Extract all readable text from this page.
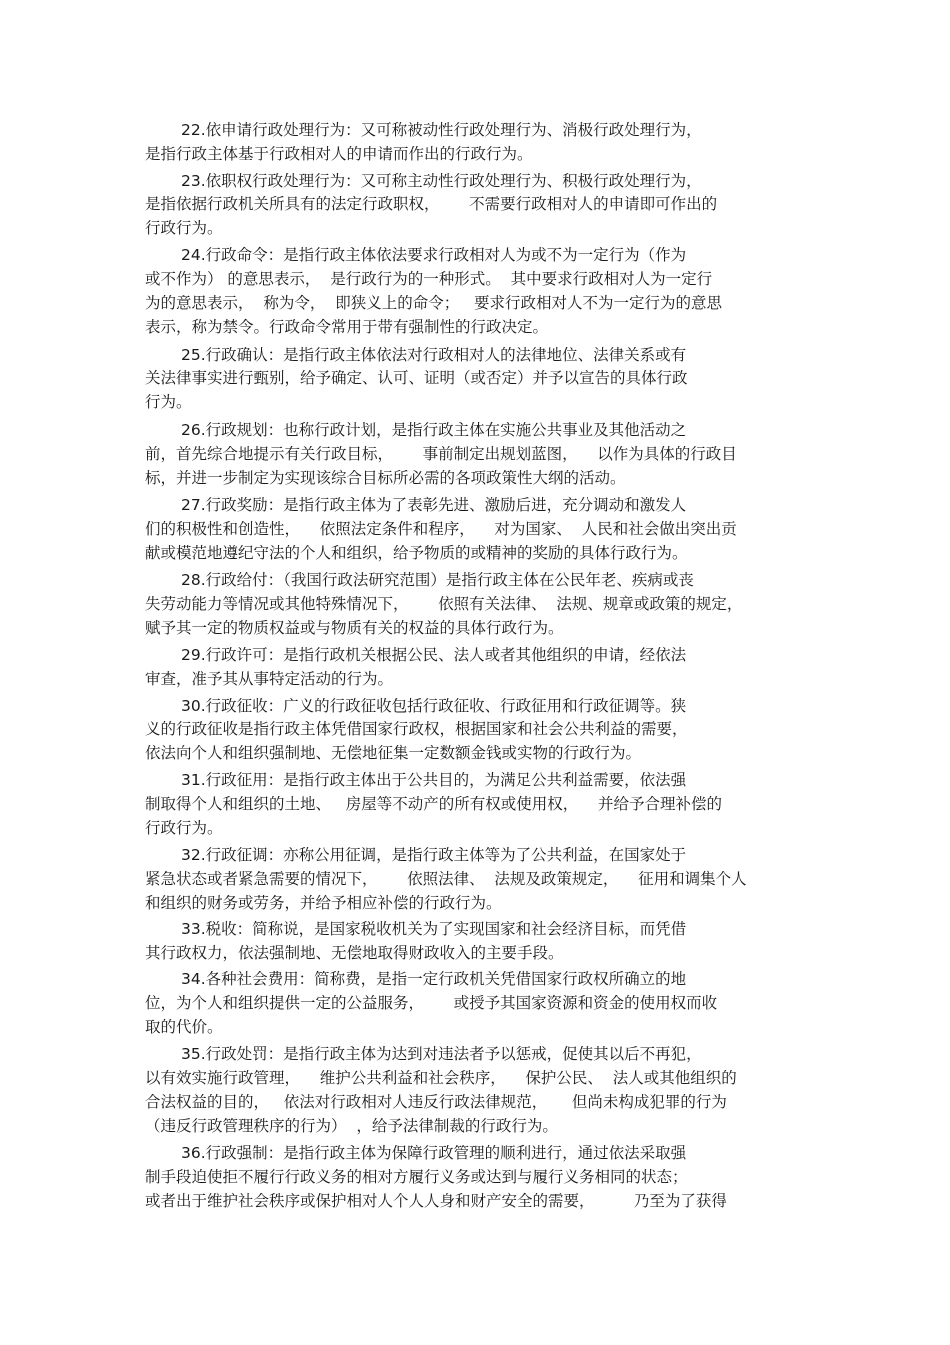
22.依申请行政处理行为：又可称被动性行政处理行为、消极行政处理行为，
是指行政主体基于行政相对人的申请而作出的行政行为。
23.依职权行政处理行为：又可称主动性行政处理行为、积极行政处理行为，
是指依据行政机关所具有的法定行政职权，      不需要行政相对人的申请即可作出的
行政行为。
24.行政命令：是指行政主体依法要求行政相对人为或不为一定行为（作为
或不作为） 的意思表示，  是行政行为的一种形式。  其中要求行政相对人为一定行
为的意思表示，  称为令，  即狭义上的命令；   要求行政相对人不为一定行为的意思
表示，称为禁令。行政命令常用于带有强制性的行政决定。
25.行政确认：是指行政主体依法对行政相对人的法律地位、法律关系或有
关法律事实进行甄别，给予确定、认可、证明（或否定）并予以宣告的具体行政
行为。
26.行政规划：也称行政计划，是指行政主体在实施公共事业及其他活动之
前，首先综合地提示有关行政目标，      事前制定出规划蓝图，    以作为具体的行政目
标，并进一步制定为实现该综合目标所必需的各项政策性大纲的活动。
27.行政奖励：是指行政主体为了表彰先进、激励后进，充分调动和激发人
们的积极性和创造性，    依照法定条件和程序，    对为国家、  人民和社会做出突出贡
献或模范地遵纪守法的个人和组织，给予物质的或精神的奖励的具体行政行为。
28.行政给付：（我国行政法研究范围）是指行政主体在公民年老、疾病或丧
失劳动能力等情况或其他特殊情况下，      依照有关法律、  法规、规章或政策的规定，
赋予其一定的物质权益或与物质有关的权益的具体行政行为。
29.行政许可：是指行政机关根据公民、法人或者其他组织的申请，经依法
审查，准予其从事特定活动的行为。
30.行政征收：广义的行政征收包括行政征收、行政征用和行政征调等。狭
义的行政征收是指行政主体凭借国家行政权，根据国家和社会公共利益的需要，
依法向个人和组织强制地、无偿地征集一定数额金钱或实物的行政行为。
31.行政征用：是指行政主体出于公共目的，为满足公共利益需要，依法强
制取得个人和组织的土地、   房屋等不动产的所有权或使用权，    并给予合理补偿的
行政行为。
32.行政征调：亦称公用征调，是指行政主体等为了公共利益，在国家处于
紧急状态或者紧急需要的情况下，      依照法律、  法规及政策规定，    征用和调集个人
和组织的财务或劳务，并给予相应补偿的行政行为。
33.税收：简称说，是国家税收机关为了实现国家和社会经济目标，而凭借
其行政权力，依法强制地、无偿地取得财政收入的主要手段。
34.各种社会费用：简称费，是指一定行政机关凭借国家行政权所确立的地
位，为个人和组织提供一定的公益服务，      或授予其国家资源和资金的使用权而收
取的代价。
35.行政处罚：是指行政主体为达到对违法者予以惩戒，促使其以后不再犯，
以有效实施行政管理，    维护公共利益和社会秩序，    保护公民、  法人或其他组织的
合法权益的目的，   依法对行政相对人违反行政法律规范，     但尚未构成犯罪的行为
（违反行政管理秩序的行为）  ，给予法律制裁的行政行为。
36.行政强制：是指行政主体为保障行政管理的顺利进行，通过依法采取强
制手段迫使拒不履行行政义务的相对方履行义务或达到与履行义务相同的状态；
或者出于维护社会秩序或保护相对人个人人身和财产安全的需要，        乃至为了获得
